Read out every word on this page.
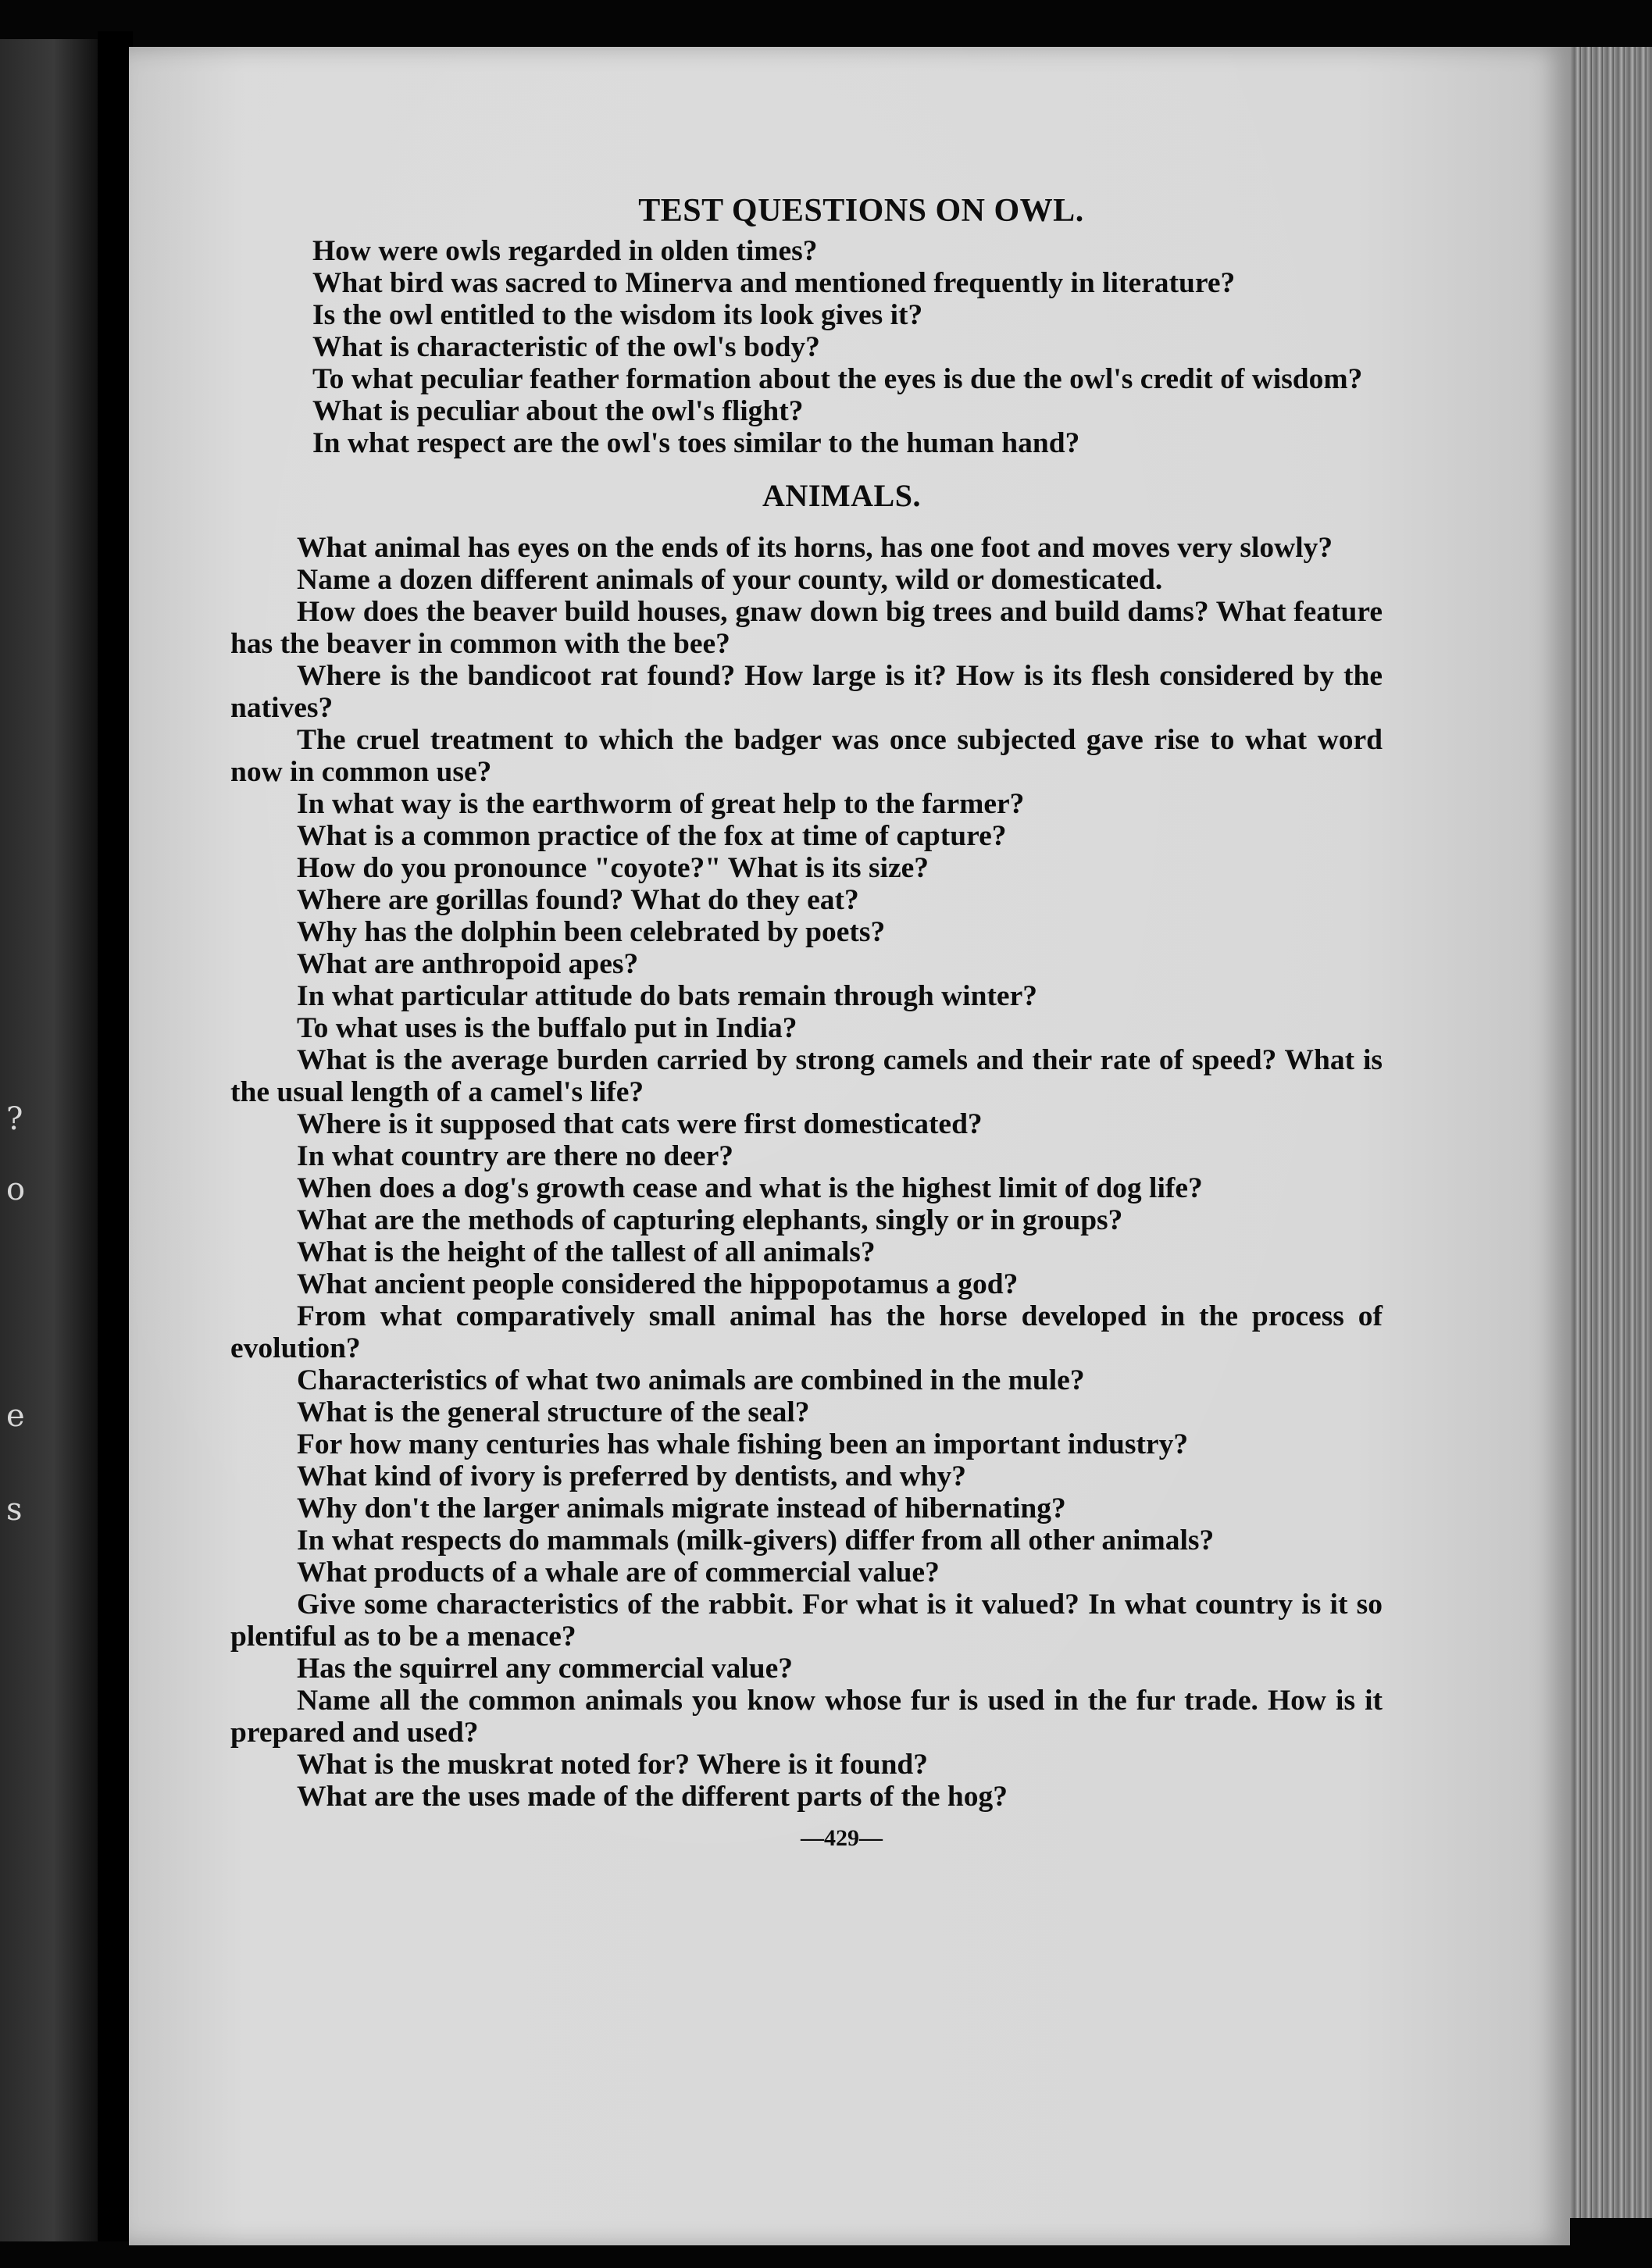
?
o
e
s

TEST QUESTIONS ON OWL.

How were owls regarded in olden times?

What bird was sacred to Minerva and mentioned frequently in literature?

Is the owl entitled to the wisdom its look gives it?

What is characteristic of the owl's body?

To what peculiar feather formation about the eyes is due the owl's credit of wisdom?

What is peculiar about the owl's flight?

In what respect are the owl's toes similar to the human hand?

ANIMALS.

What animal has eyes on the ends of its horns, has one foot and moves very slowly?

Name a dozen different animals of your county, wild or domesticated.

How does the beaver build houses, gnaw down big trees and build dams? What feature has the beaver in common with the bee?

Where is the bandicoot rat found? How large is it? How is its flesh considered by the natives?

The cruel treatment to which the badger was once subjected gave rise to what word now in common use?

In what way is the earthworm of great help to the farmer?

What is a common practice of the fox at time of capture?

How do you pronounce "coyote?" What is its size?

Where are gorillas found? What do they eat?

Why has the dolphin been celebrated by poets?

What are anthropoid apes?

In what particular attitude do bats remain through winter?

To what uses is the buffalo put in India?

What is the average burden carried by strong camels and their rate of speed? What is the usual length of a camel's life?

Where is it supposed that cats were first domesticated?

In what country are there no deer?

When does a dog's growth cease and what is the highest limit of dog life?

What are the methods of capturing elephants, singly or in groups?

What is the height of the tallest of all animals?

What ancient people considered the hippopotamus a god?

From what comparatively small animal has the horse developed in the process of evolution?

Characteristics of what two animals are combined in the mule?

What is the general structure of the seal?

For how many centuries has whale fishing been an important industry?

What kind of ivory is preferred by dentists, and why?

Why don't the larger animals migrate instead of hibernating?

In what respects do mammals (milk-givers) differ from all other animals?

What products of a whale are of commercial value?

Give some characteristics of the rabbit. For what is it valued? In what country is it so plentiful as to be a menace?

Has the squirrel any commercial value?

Name all the common animals you know whose fur is used in the fur trade. How is it prepared and used?

What is the muskrat noted for? Where is it found?

What are the uses made of the different parts of the hog?

—429—
